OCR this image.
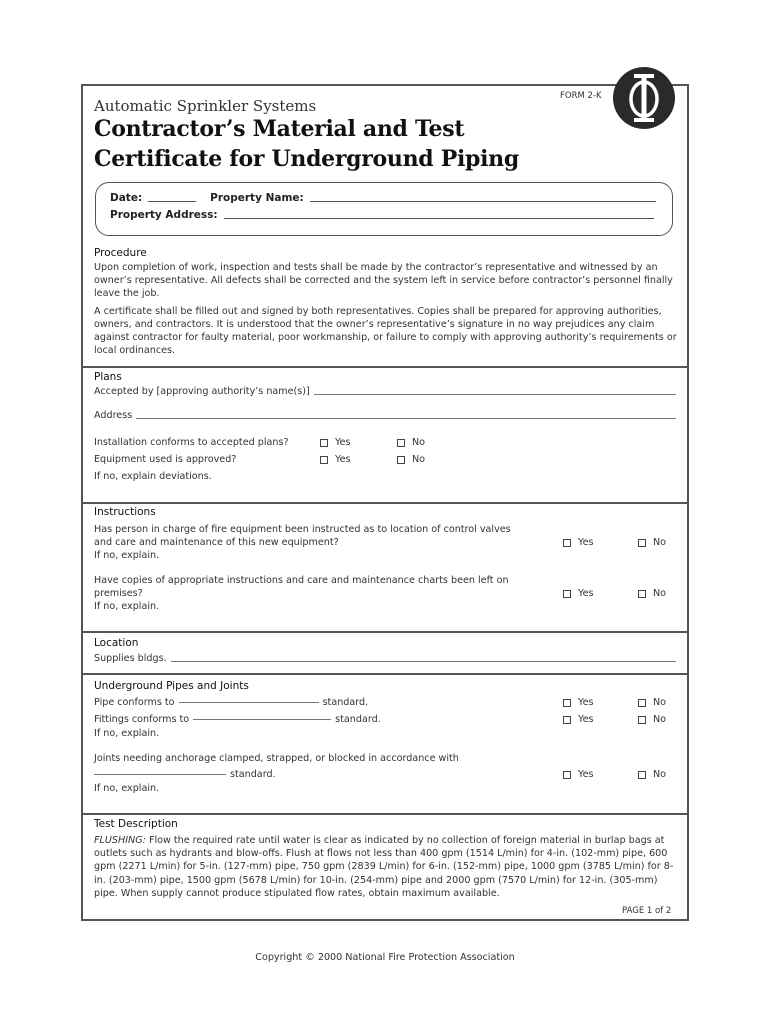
FORM 2-K
Automatic Sprinkler Systems
Contractor’s Material and Test
Certificate for Underground Piping
Date:	Property Name:
Property Address:
Procedure

Upon completion of work, inspection and tests shall be made by the contractor’s representative and witnessed by an owner’s representative. All defects shall be corrected and the system left in service before contractor’s personnel finally leave the job.

A certificate shall be filled out and signed by both representatives. Copies shall be prepared for approving authorities, owners, and contractors. It is understood that the owner’s representative’s signature in no way prejudices any claim against contractor for faulty material, poor workmanship, or failure to comply with approving authority’s requirements or local ordinances.

Plans
Accepted by [approving authority’s name(s)]
Address
Installation conforms to accepted plans?	Yes	No
Equipment used is approved?	Yes	No
If no, explain deviations.
Instructions
Has person in charge of fire equipment been instructed as to location of control valves
and care and maintenance of this new equipment?
If no, explain.
Yes	No
Have copies of appropriate instructions and care and maintenance charts been left on
premises?
If no, explain.
Yes	No
Location
Supplies bldgs.
Underground Pipes and Joints
Pipe conforms to	standard.	Yes	No
Fittings conforms to	standard.	Yes	No
If no, explain.
Joints needing anchorage clamped, strapped, or blocked in accordance with
standard.	Yes	No
If no, explain.
Test Description
FLUSHING: Flow the required rate until water is clear as indicated by no collection of foreign material in burlap bags at outlets such as hydrants and blow-offs. Flush at flows not less than 400 gpm (1514 L/min) for 4-in. (102-mm) pipe, 600 gpm (2271 L/min) for 5-in. (127-mm) pipe, 750 gpm (2839 L/min) for 6-in. (152-mm) pipe, 1000 gpm (3785 L/min) for 8-in. (203-mm) pipe, 1500 gpm (5678 L/min) for 10-in. (254-mm) pipe and 2000 gpm (7570 L/min) for 12-in. (305-mm) pipe. When supply cannot produce stipulated flow rates, obtain maximum available.
PAGE 1 of 2
Copyright © 2000 National Fire Protection Association
